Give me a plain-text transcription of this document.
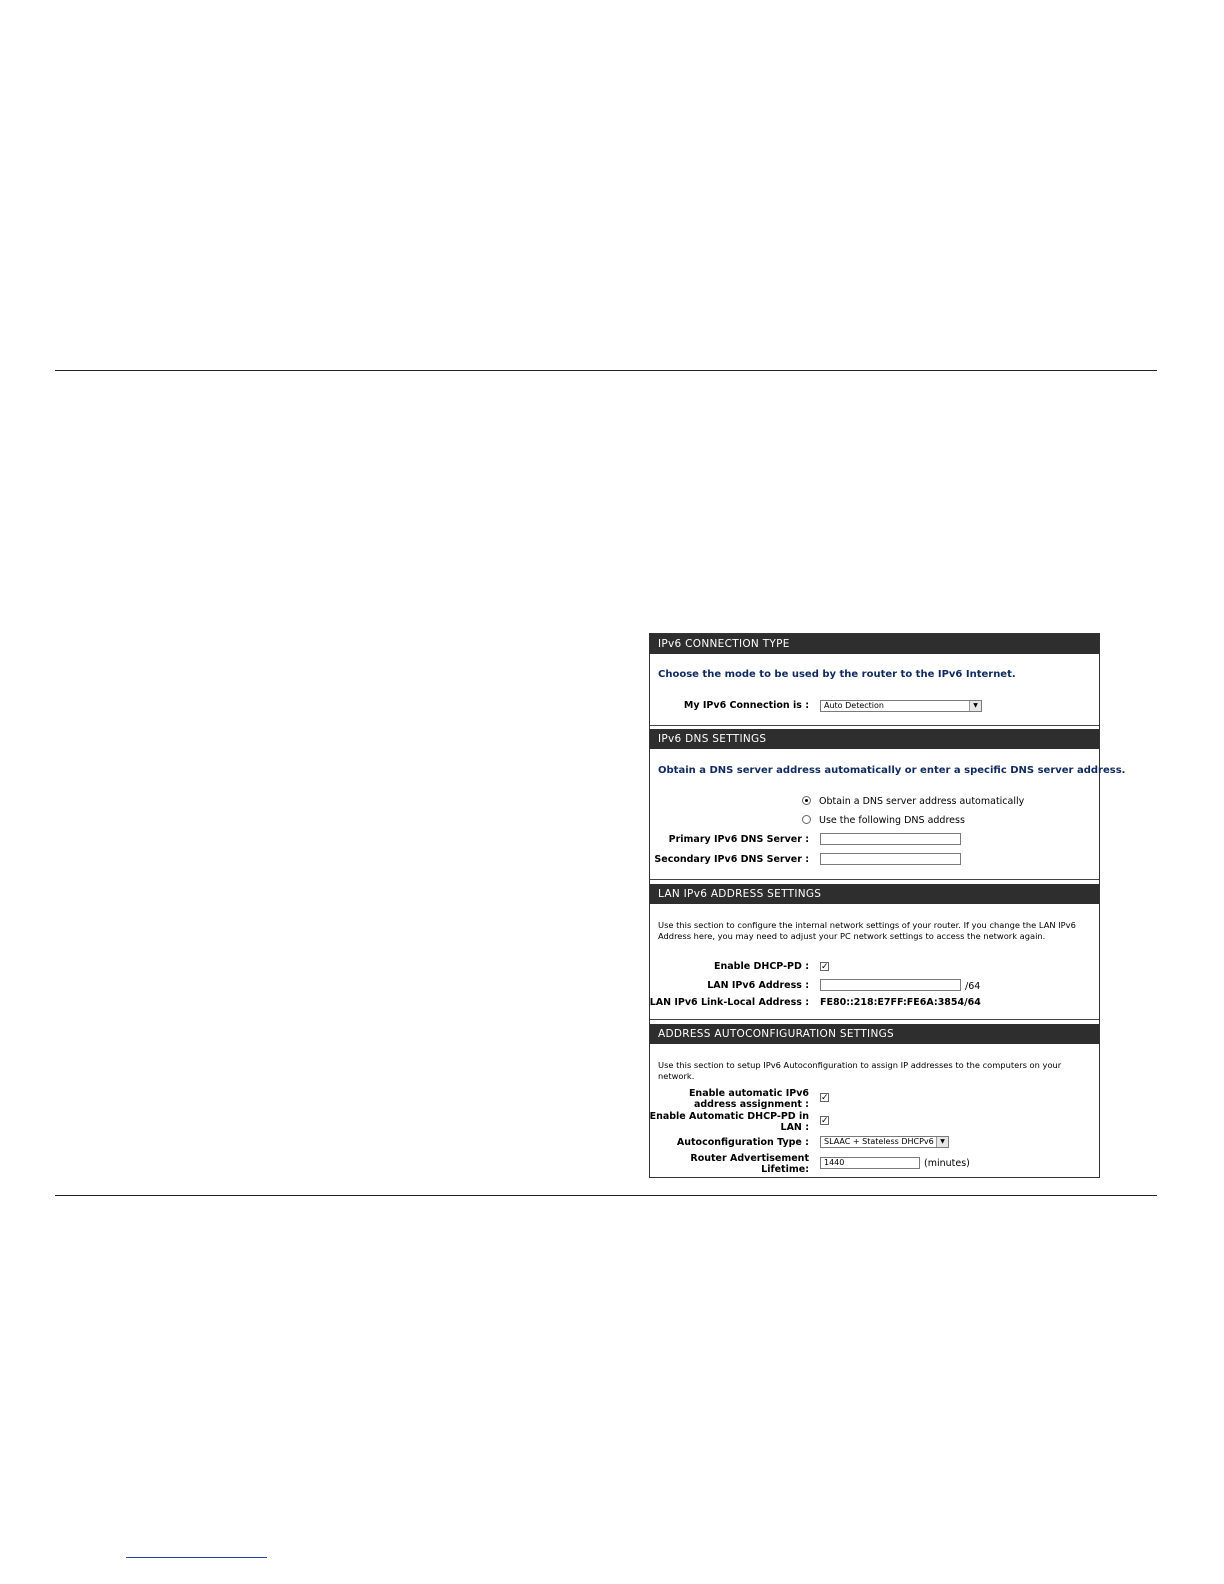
IPv6 CONNECTION TYPE
Choose the mode to be used by the router to the IPv6 Internet.
My IPv6 Connection is :	Auto Detection	▼
IPv6 DNS SETTINGS
Obtain a DNS server address automatically or enter a specific DNS server address.
Obtain a DNS server address automatically
Use the following DNS address
Primary IPv6 DNS Server :
Secondary IPv6 DNS Server :
LAN IPv6 ADDRESS SETTINGS
Use this section to configure the internal network settings of your router. If you change the LAN IPv6 Address here, you may need to adjust your PC network settings to access the network again.
Enable DHCP-PD : ✓
LAN IPv6 Address :	/64
LAN IPv6 Link-Local Address : FE80::218:E7FF:FE6A:3854/64
ADDRESS AUTOCONFIGURATION SETTINGS
Use this section to setup IPv6 Autoconfiguration to assign IP addresses to the computers on your network.
Enable automatic IPv6
address assignment :
✓
Enable Automatic DHCP-PD in
LAN :
✓
Autoconfiguration Type :	SLAAC + Stateless DHCPv6	▼
Router Advertisement
Lifetime:
1440	(minutes)
